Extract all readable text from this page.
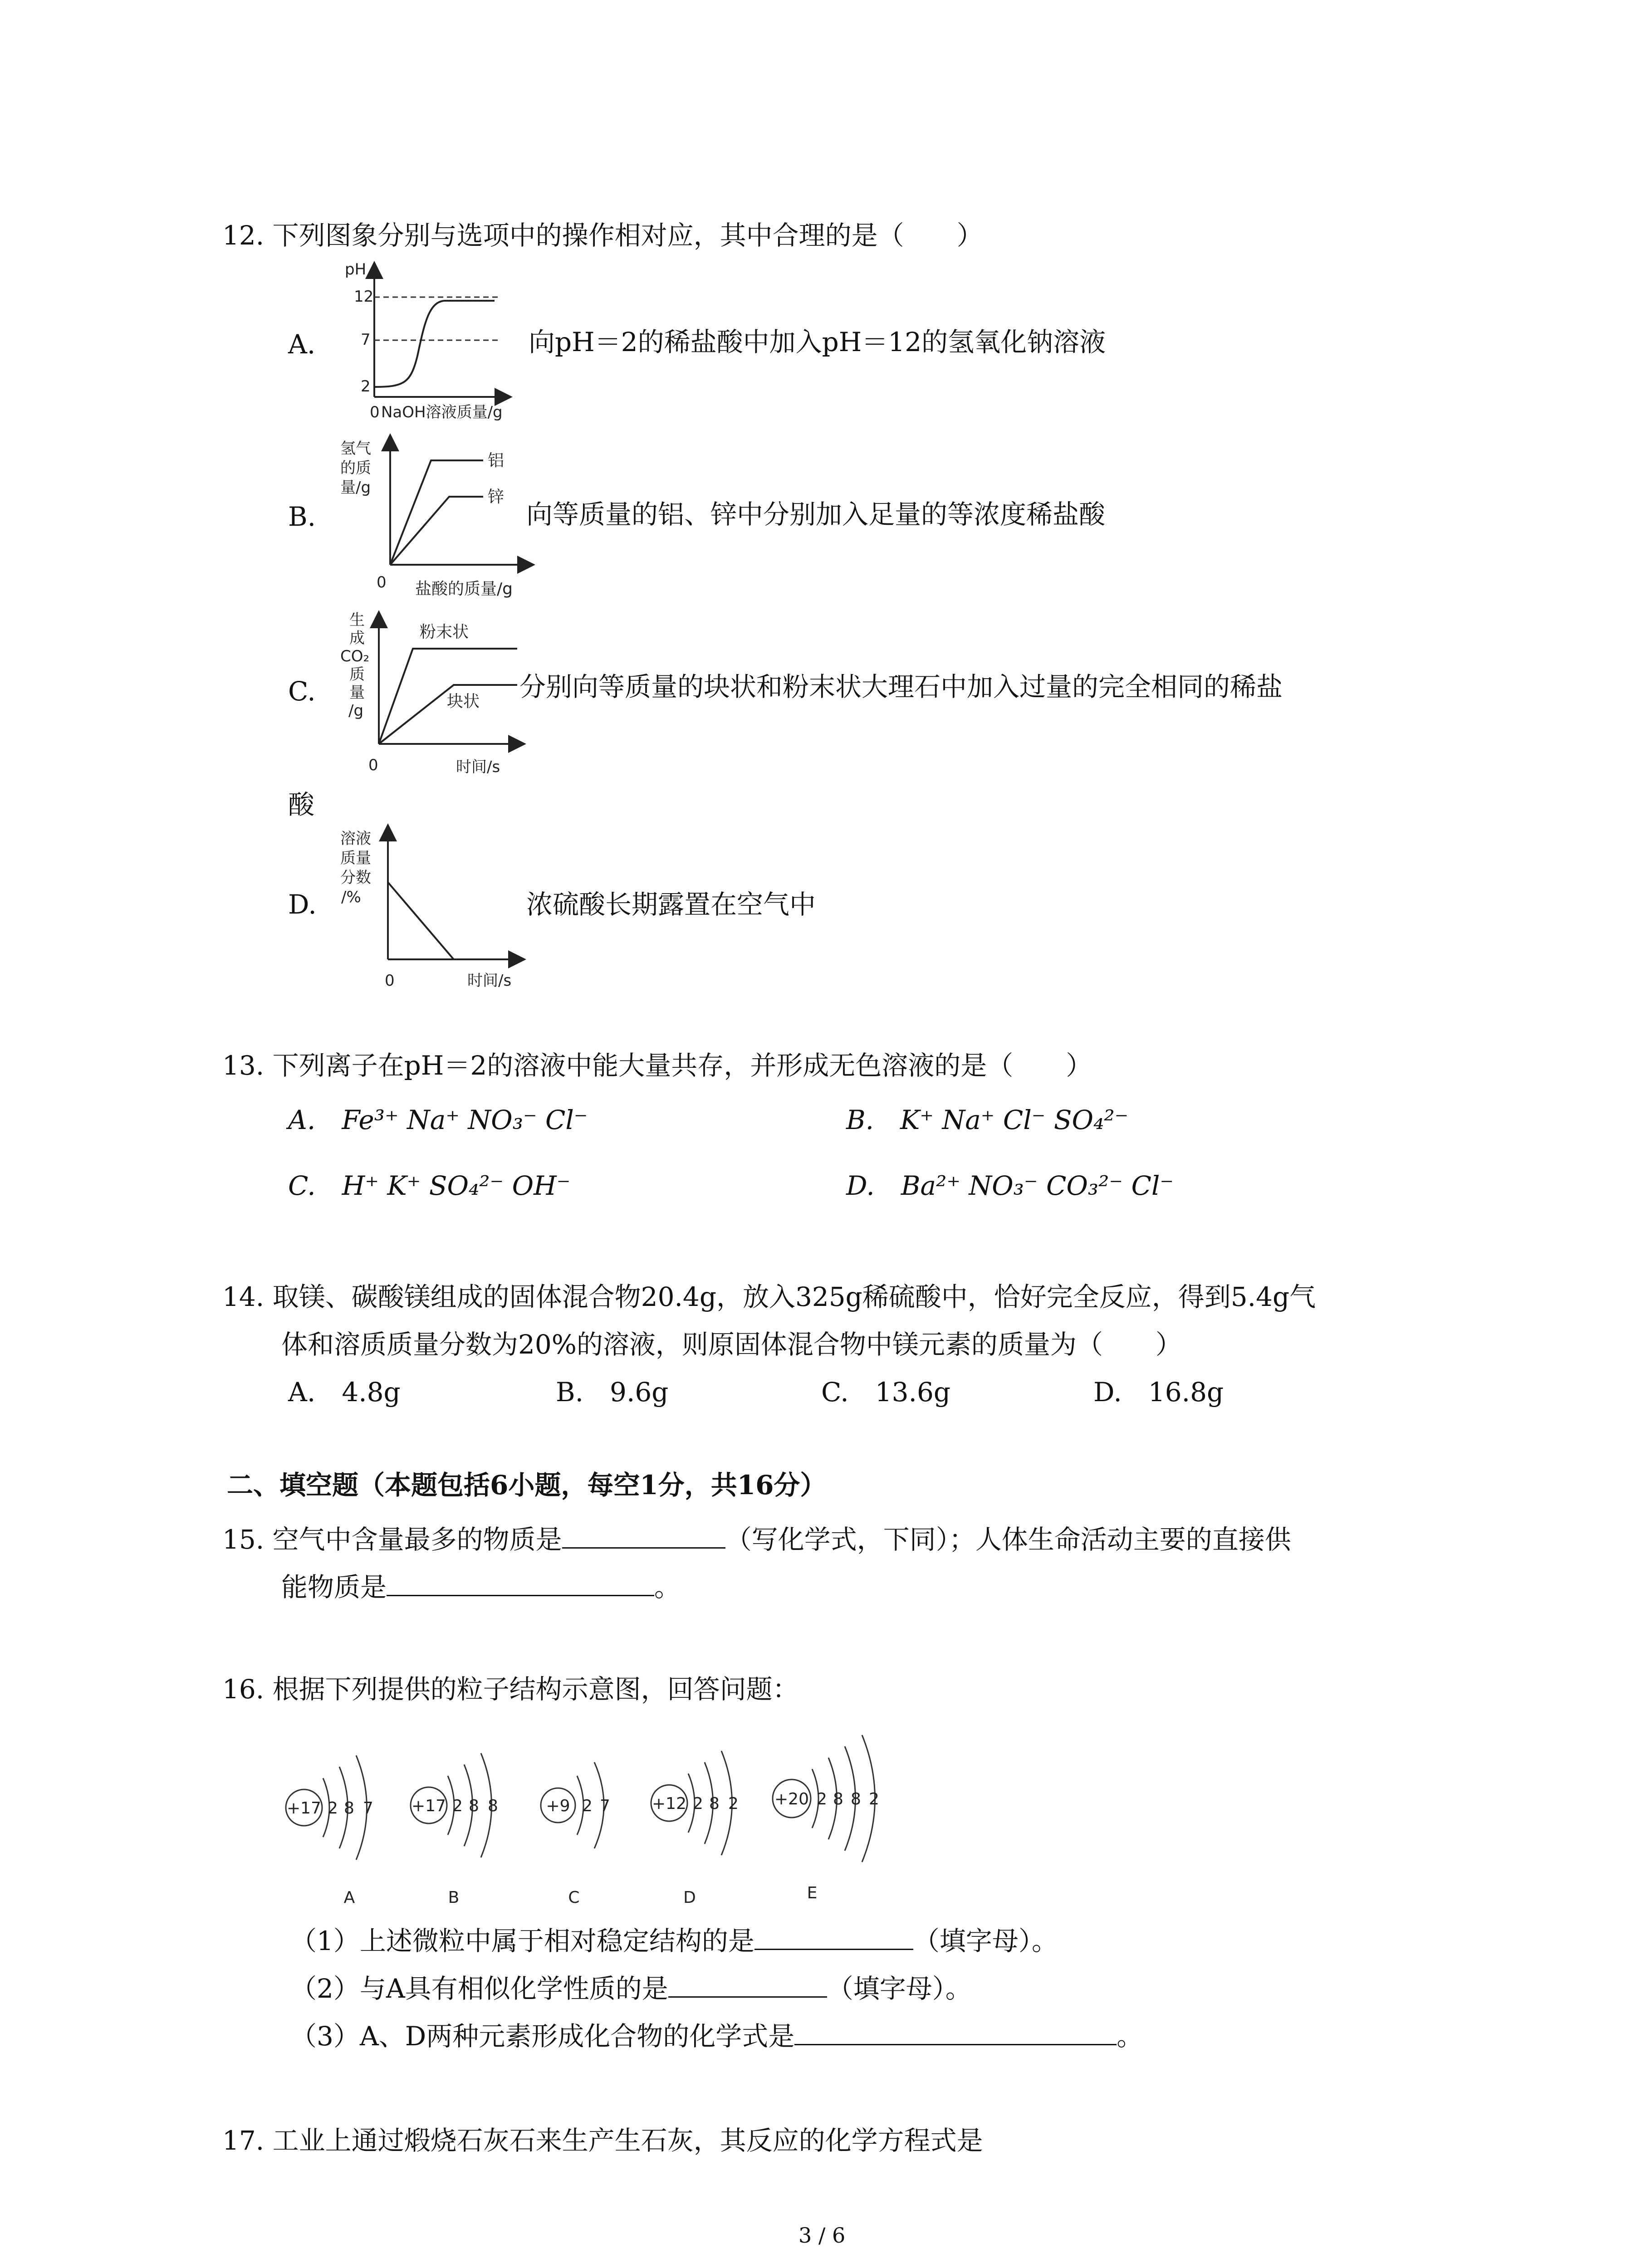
12. 下列图象分别与选项中的操作相对应，其中合理的是（　　）
A.
pH
12
7
2
0 NaOH溶液质量/g
向pH＝2的稀盐酸中加入pH＝12的氢氧化钠溶液
B.
氢气
的质
量/g
铝
锌
0 盐酸的质量/g
向等质量的铝、锌中分别加入足量的等浓度稀盐酸
C.
生
成
CO₂
质
量
/g
粉末状
块状
0	时间/s
分别向等质量的块状和粉末状大理石中加入过量的完全相同的稀盐
酸
D.
溶液
质量
分数
/%
0	时间/s
浓硫酸长期露置在空气中
13. 下列离子在pH＝2的溶液中能大量共存，并形成无色溶液的是（　　）
A.　Fe³⁺ Na⁺ NO₃⁻ Cl⁻	B.　K⁺ Na⁺ Cl⁻ SO₄²⁻
C.　H⁺ K⁺ SO₄²⁻ OH⁻	D.　Ba²⁺ NO₃⁻ CO₃²⁻ Cl⁻
14. 取镁、碳酸镁组成的固体混合物20.4g，放入325g稀硫酸中，恰好完全反应，得到5.4g气
体和溶质质量分数为20%的溶液，则原固体混合物中镁元素的质量为（　　）
A.　4.8g	B.　9.6g	C.　13.6g	D.　16.8g
二、填空题（本题包括6小题，每空1分，共16分）
15. 空气中含量最多的物质是	（写化学式，下同）；人体生命活动主要的直接供
能物质是	。
16. 根据下列提供的粒子结构示意图，回答问题：
+17 2 8 7
A
+17 2 8 8
B
+9 2 7
C
+12 2 8 2
D
+20 2 8 8 2
E
（1）上述微粒中属于相对稳定结构的是	（填字母）。
（2）与A具有相似化学性质的是	（填字母）。
（3）A、D两种元素形成化合物的化学式是	。
17. 工业上通过煅烧石灰石来生产生石灰，其反应的化学方程式是
3 / 6
